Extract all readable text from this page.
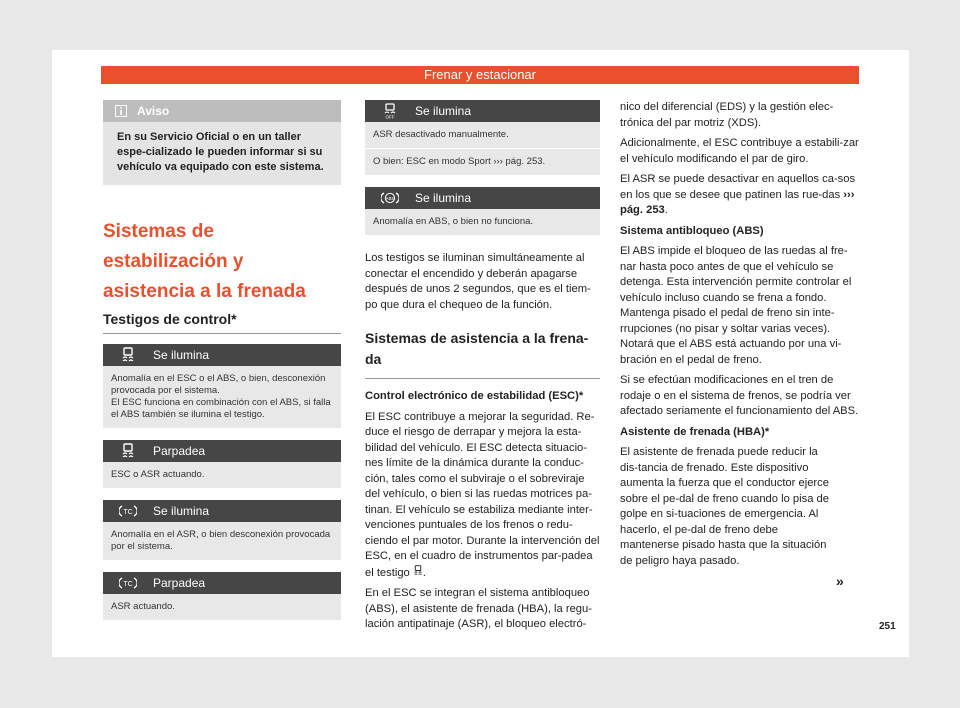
Frenar y estacionar
Aviso
En su Servicio Oficial o en un taller espe-cializado le pueden informar si su vehículo va equipado con este sistema.
Sistemas de estabilización y
asistencia a la frenada
Testigos de control*
Se ilumina
Anomalía en el ESC o el ABS, o bien, desconexión provocada por el sistema.
El ESC funciona en combinación con el ABS, si falla el ABS también se ilumina el testigo.
Parpadea
ESC o ASR actuando.
TC Se ilumina
Anomalía en el ASR, o bien desconexión provocada por el sistema.
TC Parpadea
ASR actuando.
OFF Se ilumina
ASR desactivado manualmente.
O bien: ESC en modo Sport ››› pág. 253.
ABS Se ilumina
Anomalía en ABS, o bien no funciona.
Los testigos se iluminan simultáneamente al conectar el encendido y deberán apagarse después de unos 2 segundos, que es el tiem-po que dura el chequeo de la función.
Sistemas de asistencia a la frena-
da
Control electrónico de estabilidad (ESC)*
El ESC contribuye a mejorar la seguridad. Re-duce el riesgo de derrapar y mejora la esta-bilidad del vehículo. El ESC detecta situacio-nes límite de la dinámica durante la conduc-ción, tales como el subviraje o el sobreviraje del vehículo, o bien si las ruedas motrices pa-tinan. El vehículo se estabiliza mediante inter-venciones puntuales de los frenos o redu-ciendo el par motor. Durante la intervención del ESC, en el cuadro de instrumentos par-padea el testigo .
En el ESC se integran el sistema antibloqueo (ABS), el asistente de frenada (HBA), la regu-lación antipatinaje (ASR), el bloqueo electró-
nico del diferencial (EDS) y la gestión elec-trónica del par motriz (XDS).
Adicionalmente, el ESC contribuye a estabili-zar el vehículo modificando el par de giro.
El ASR se puede desactivar en aquellos ca-sos en los que se desee que patinen las rue-das ››› pág. 253.
Sistema antibloqueo (ABS)
El ABS impide el bloqueo de las ruedas al fre-nar hasta poco antes de que el vehículo se detenga. Esta intervención permite controlar el vehículo incluso cuando se frena a fondo. Mantenga pisado el pedal de freno sin inte-rrupciones (no pisar y soltar varias veces). Notará que el ABS está actuando por una vi-bración en el pedal de freno.
Si se efectúan modificaciones en el tren de rodaje o en el sistema de frenos, se podría ver afectado seriamente el funcionamiento del ABS.
Asistente de frenada (HBA)*
El asistente de frenada puede reducir la dis-tancia de frenado. Este dispositivo aumenta la fuerza que el conductor ejerce sobre el pe-dal de freno cuando lo pisa de golpe en si-tuaciones de emergencia. Al hacerlo, el pe-dal de freno debe mantenerse pisado hasta que la situación de peligro haya pasado.
»
251
